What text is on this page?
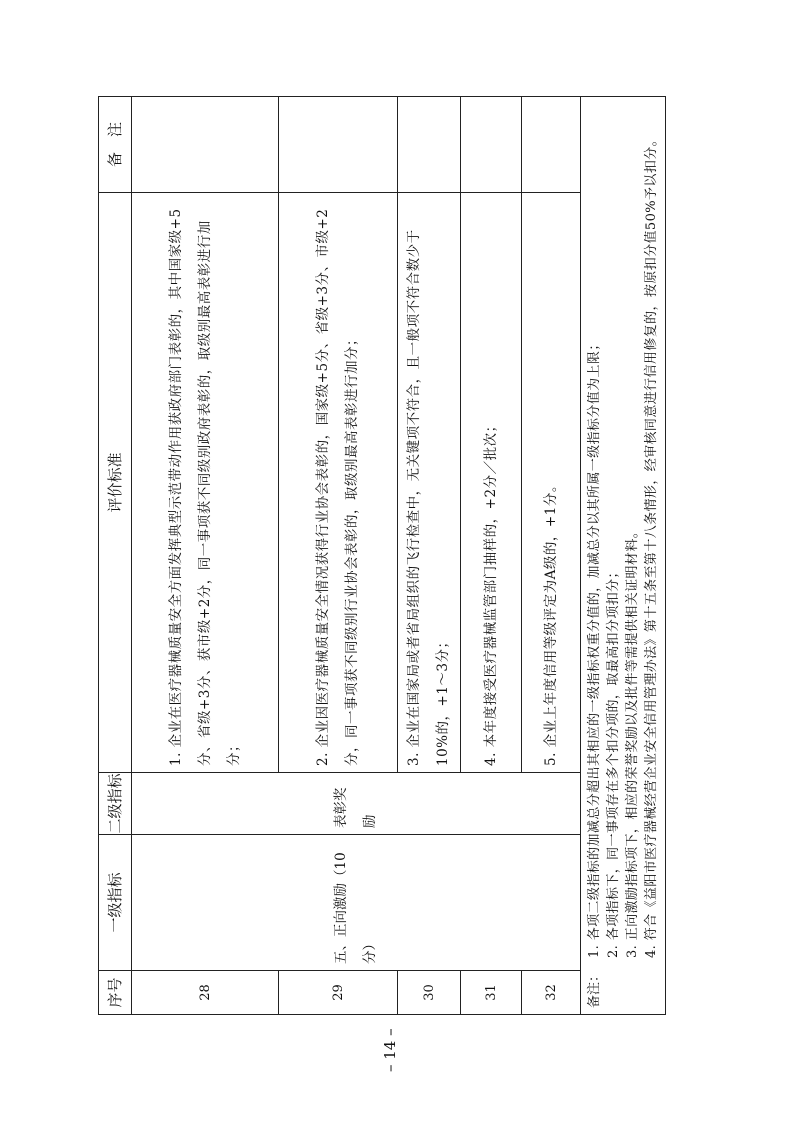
序号	一级指标	二级指标	评价标准	备　注
28	五、正向激励（10分）	表彰奖励	1. 企业在医疗器械质量安全方面发挥典型示范带动作用获政府部门表彰的，其中国家级+5分、省级+3分、获市级+2分，同一事项获不同级别政府表彰的，取级别最高表彰进行加分；	
29			2. 企业因医疗器械质量安全情况获得行业协会表彰的，国家级+5分、省级+3分、市级+2分，同一事项获不同级别行业协会表彰的，取级别最高表彰进行加分；	
30			3. 企业在国家局或者省局组织的飞行检查中，无关键项不符合，且一般项不符合数少于10%的，+1～3分；	
31			4. 本年度接受医疗器械监管部门抽样的，+2分／批次；	
32			5. 企业上年度信用等级评定为A级的，+1分。	

备注：
1. 各项二级指标的加减总分超出其相应的一级指标权重分值的，加减总分以其所属一级指标分值为上限； 2. 各项指标下，同一事项存在多个扣分项的，取最高扣分项扣分； 3. 正向激励指标项下，相应的荣誉奖励以及批件等需提供相关证明材料。 4. 符合《益阳市医疗器械经营企业安全信用管理办法》第十五条至第十八条情形，经审核同意进行信用修复的，按原扣分值50%予以扣分。				
– 14 –
